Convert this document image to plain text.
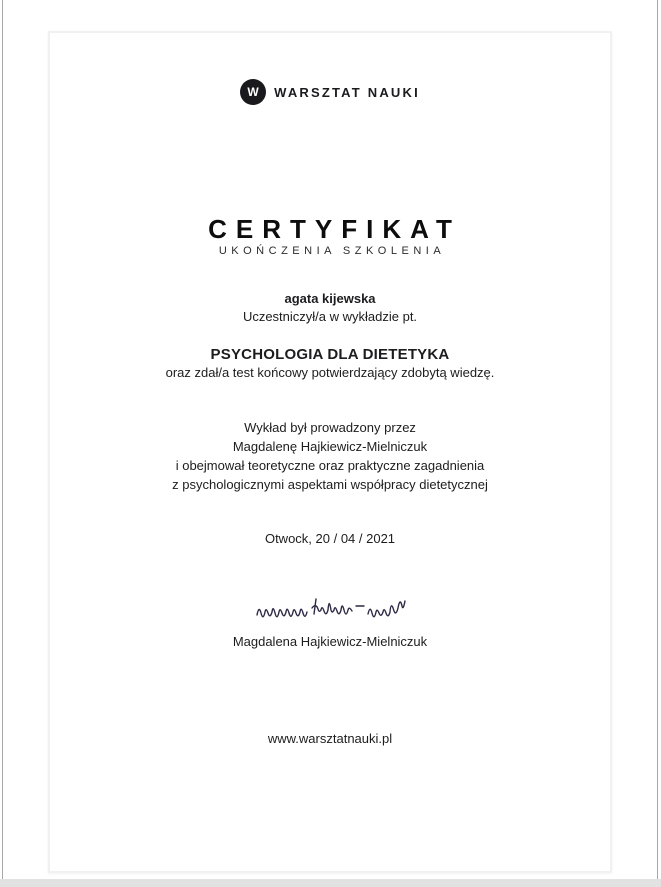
W WARSZTAT NAUKI
CERTYFIKAT
UKOŃCZENIA SZKOLENIA
agata kijewska
Uczestniczył/a w wykładzie pt.
PSYCHOLOGIA DLA DIETETYKA
oraz zdał/a test końcowy potwierdzający zdobytą wiedzę.
Wykład był prowadzony przez
Magdalenę Hajkiewicz-Mielniczuk
i obejmował teoretyczne oraz praktyczne zagadnienia
z psychologicznymi aspektami współpracy dietetycznej
Otwock, 20 / 04 / 2021
Magdalena Hajkiewicz-Mielniczuk
www.warsztatnauki.pl
